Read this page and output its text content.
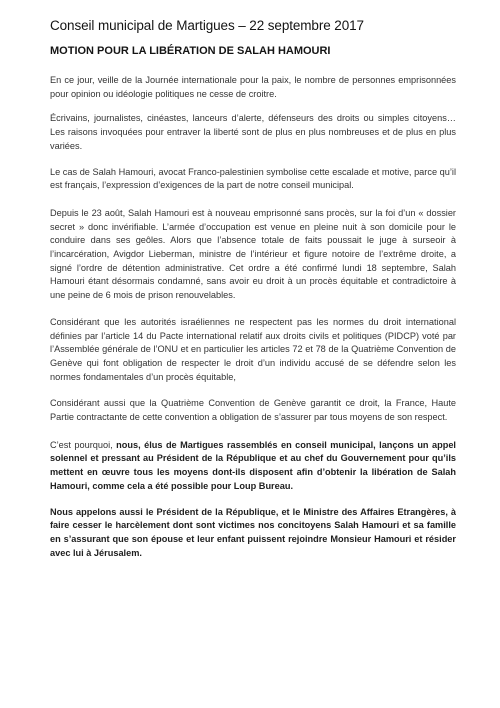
Conseil municipal de Martigues – 22 septembre 2017
MOTION POUR LA LIBÉRATION DE SALAH HAMOURI

En ce jour, veille de la Journée internationale pour la paix, le nombre de personnes emprisonnées pour opinion ou idéologie politiques ne cesse de croitre.

Écrivains, journalistes, cinéastes, lanceurs d’alerte, défenseurs des droits ou simples citoyens… Les raisons invoquées pour entraver la liberté sont de plus en plus nombreuses et de plus en plus variées.

Le cas de Salah Hamouri, avocat Franco-palestinien symbolise cette escalade et motive, parce qu’il est français, l’expression d’exigences de la part de notre conseil municipal.

Depuis le 23 août, Salah Hamouri est à nouveau emprisonné sans procès, sur la foi d’un « dossier secret » donc invérifiable. L’armée d’occupation est venue en pleine nuit à son domicile pour le conduire dans ses geôles. Alors que l’absence totale de faits poussait le juge à surseoir à l’incarcération, Avigdor Lieberman, ministre de l’intérieur et figure notoire de l’extrême droite, a signé l’ordre de détention administrative. Cet ordre a été confirmé lundi 18 septembre, Salah Hamouri étant désormais condamné, sans avoir eu droit à un procès équitable et contradictoire à une peine de 6 mois de prison renouvelables.

Considérant que les autorités israéliennes ne respectent pas les normes du droit international définies par l’article 14 du Pacte international relatif aux droits civils et politiques (PIDCP) voté par l’Assemblée générale de l’ONU et en particulier les articles 72 et 78 de la Quatrième Convention de Genève qui font obligation de respecter le droit d’un individu accusé de se défendre selon les normes fondamentales d’un procès équitable,

Considérant aussi que la Quatrième Convention de Genève garantit ce droit, la France, Haute Partie contractante de cette convention a obligation de s’assurer par tous moyens de son respect.

C’est pourquoi, nous, élus de Martigues rassemblés en conseil municipal, lançons un appel solennel et pressant au Président de la République et au chef du Gouvernement pour qu’ils mettent en œuvre tous les moyens dont-ils disposent afin d’obtenir la libération de Salah Hamouri, comme cela a été possible pour Loup Bureau.

Nous appelons aussi le Président de la République, et le Ministre des Affaires Etrangères, à faire cesser le harcèlement dont sont victimes nos concitoyens Salah Hamouri et sa famille en s’assurant que son épouse et leur enfant puissent rejoindre Monsieur Hamouri et résider avec lui à Jérusalem.
